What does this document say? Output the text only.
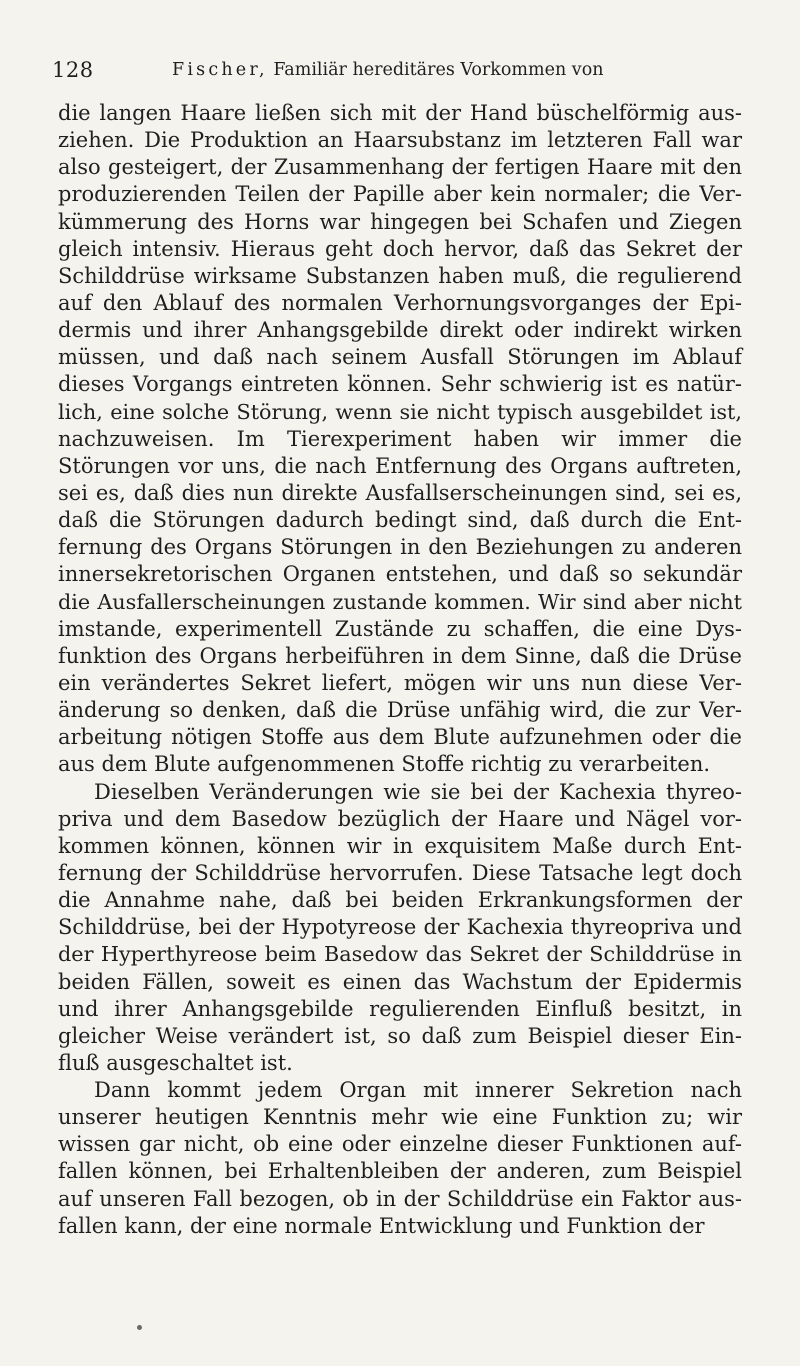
128	Fischer, Familiär hereditäres Vorkommen von
die langen Haare ließen sich mit der Hand büschelförmig aus-
ziehen. Die Produktion an Haarsubstanz im letzteren Fall war
also gesteigert, der Zusammenhang der fertigen Haare mit den
produzierenden Teilen der Papille aber kein normaler; die Ver-
kümmerung des Horns war hingegen bei Schafen und Ziegen
gleich intensiv. Hieraus geht doch hervor, daß das Sekret der
Schilddrüse wirksame Substanzen haben muß, die regulierend
auf den Ablauf des normalen Verhornungsvorganges der Epi-
dermis und ihrer Anhangsgebilde direkt oder indirekt wirken
müssen, und daß nach seinem Ausfall Störungen im Ablauf
dieses Vorgangs eintreten können. Sehr schwierig ist es natür-
lich, eine solche Störung, wenn sie nicht typisch ausgebildet ist,
nachzuweisen. Im Tierexperiment haben wir immer die
Störungen vor uns, die nach Entfernung des Organs auftreten,
sei es, daß dies nun direkte Ausfallserscheinungen sind, sei es,
daß die Störungen dadurch bedingt sind, daß durch die Ent-
fernung des Organs Störungen in den Beziehungen zu anderen
innersekretorischen Organen entstehen, und daß so sekundär
die Ausfallerscheinungen zustande kommen. Wir sind aber nicht
imstande, experimentell Zustände zu schaffen, die eine Dys-
funktion des Organs herbeiführen in dem Sinne, daß die Drüse
ein verändertes Sekret liefert, mögen wir uns nun diese Ver-
änderung so denken, daß die Drüse unfähig wird, die zur Ver-
arbeitung nötigen Stoffe aus dem Blute aufzunehmen oder die
aus dem Blute aufgenommenen Stoffe richtig zu verarbeiten.
Dieselben Veränderungen wie sie bei der Kachexia thyreo-
priva und dem Basedow bezüglich der Haare und Nägel vor-
kommen können, können wir in exquisitem Maße durch Ent-
fernung der Schilddrüse hervorrufen. Diese Tatsache legt doch
die Annahme nahe, daß bei beiden Erkrankungsformen der
Schilddrüse, bei der Hypotyreose der Kachexia thyreopriva und
der Hyperthyreose beim Basedow das Sekret der Schilddrüse in
beiden Fällen, soweit es einen das Wachstum der Epidermis
und ihrer Anhangsgebilde regulierenden Einfluß besitzt, in
gleicher Weise verändert ist, so daß zum Beispiel dieser Ein-
fluß ausgeschaltet ist.
Dann kommt jedem Organ mit innerer Sekretion nach
unserer heutigen Kenntnis mehr wie eine Funktion zu; wir
wissen gar nicht, ob eine oder einzelne dieser Funktionen auf-
fallen können, bei Erhaltenbleiben der anderen, zum Beispiel
auf unseren Fall bezogen, ob in der Schilddrüse ein Faktor aus-
fallen kann, der eine normale Entwicklung und Funktion der
